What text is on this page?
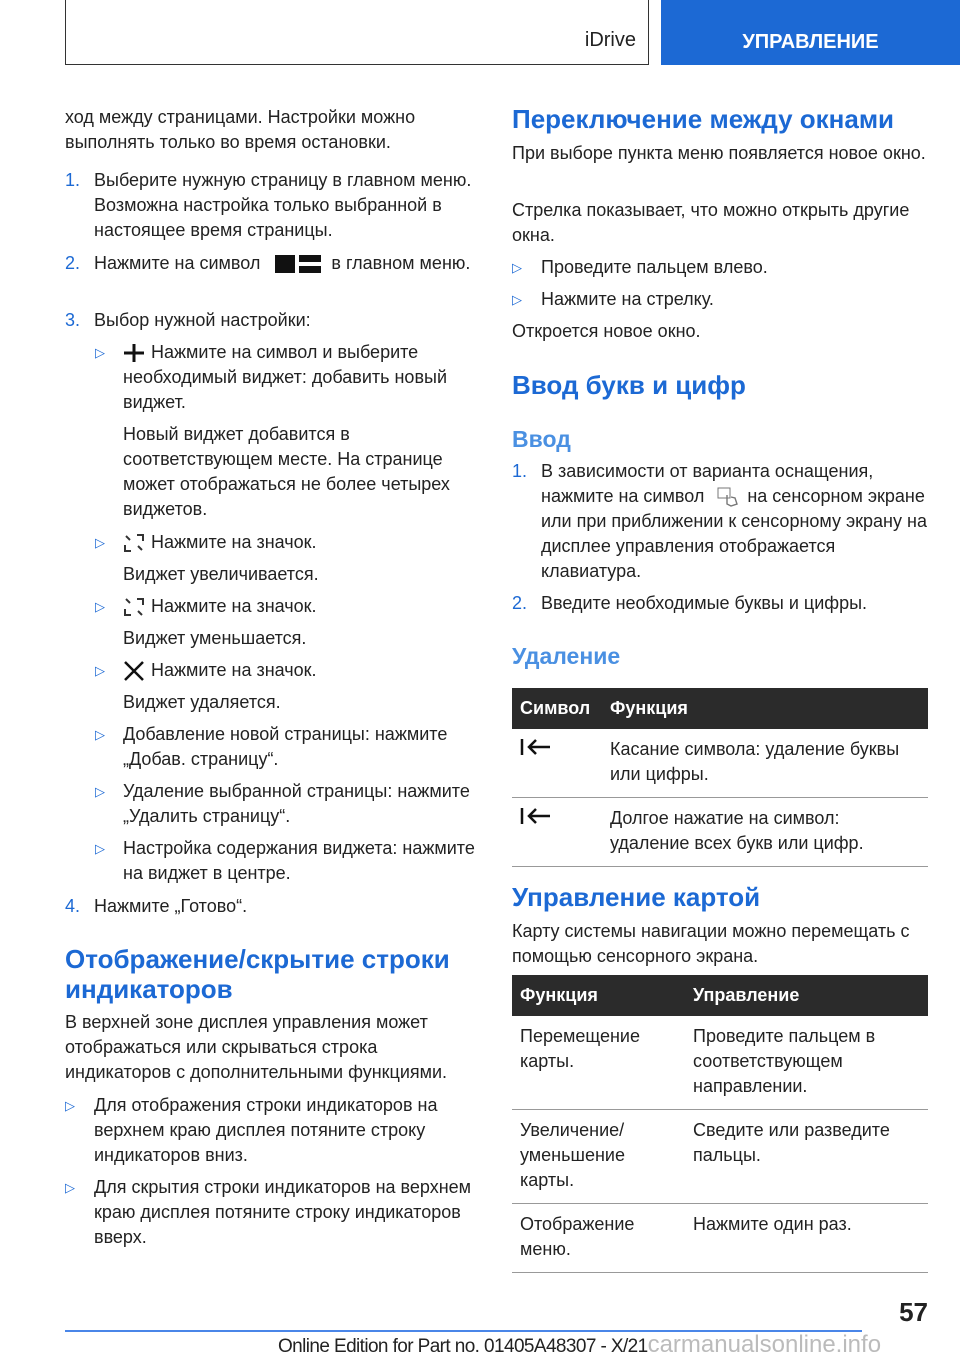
iDrive	УПРАВЛЕНИЕ
ход между страницами. Настройки можно выполнять только во время остановки.
1. Выберите нужную страницу в главном меню. Возможна настройка только выбранной в настоящее время страницы.
2. Нажмите на символ	в главном меню.
3. Выбор нужной настройки:
▷	Нажмите на символ и выберите необходимый виджет: добавить новый виджет.
Новый виджет добавится в соответствующем месте. На странице может отображаться не более четырех виджетов.
▷	Нажмите на значок.
Виджет увеличивается.
▷	Нажмите на значок.
Виджет уменьшается.
▷	Нажмите на значок.
Виджет удаляется.
▷ Добавление новой страницы: нажмите „Добав. страницу“.
▷ Удаление выбранной страницы: нажмите „Удалить страницу“.
▷ Настройка содержания виджета: нажмите на виджет в центре.
4. Нажмите „Готово“.
Отображение/скрытие строки индикаторов
В верхней зоне дисплея управления может отображаться или скрываться строка индикаторов с дополнительными функциями.
▷ Для отображения строки индикаторов на верхнем краю дисплея потяните строку индикаторов вниз.
▷ Для скрытия строки индикаторов на верхнем краю дисплея потяните строку индикаторов вверх.
Переключение между окнами
При выборе пункта меню появляется новое окно.
Стрелка показывает, что можно открыть другие окна.
▷ Проведите пальцем влево.
▷ Нажмите на стрелку.
Откроется новое окно.
Ввод букв и цифр
Ввод
1. В зависимости от варианта оснащения, нажмите на символ на сенсорном экране или при приближении к сенсорному экрану на дисплее управления отображается клавиатура.
2. Введите необходимые буквы и цифры.
Удаление
Символ	Функция
	Касание символа: удаление буквы или цифры.
	Долгое нажатие на символ: удаление всех букв или цифр.
Управление картой
Карту системы навигации можно перемещать с помощью сенсорного экрана.
Функция	Управление
Перемещение карты.	Проведите пальцем в соответствующем направлении.
Увеличение/ уменьшение карты.	Сведите или разведите пальцы.
Отображение меню.	Нажмите один раз.
57
Online Edition for Part no. 01405A48307 - X/21carmanualsonline.info
